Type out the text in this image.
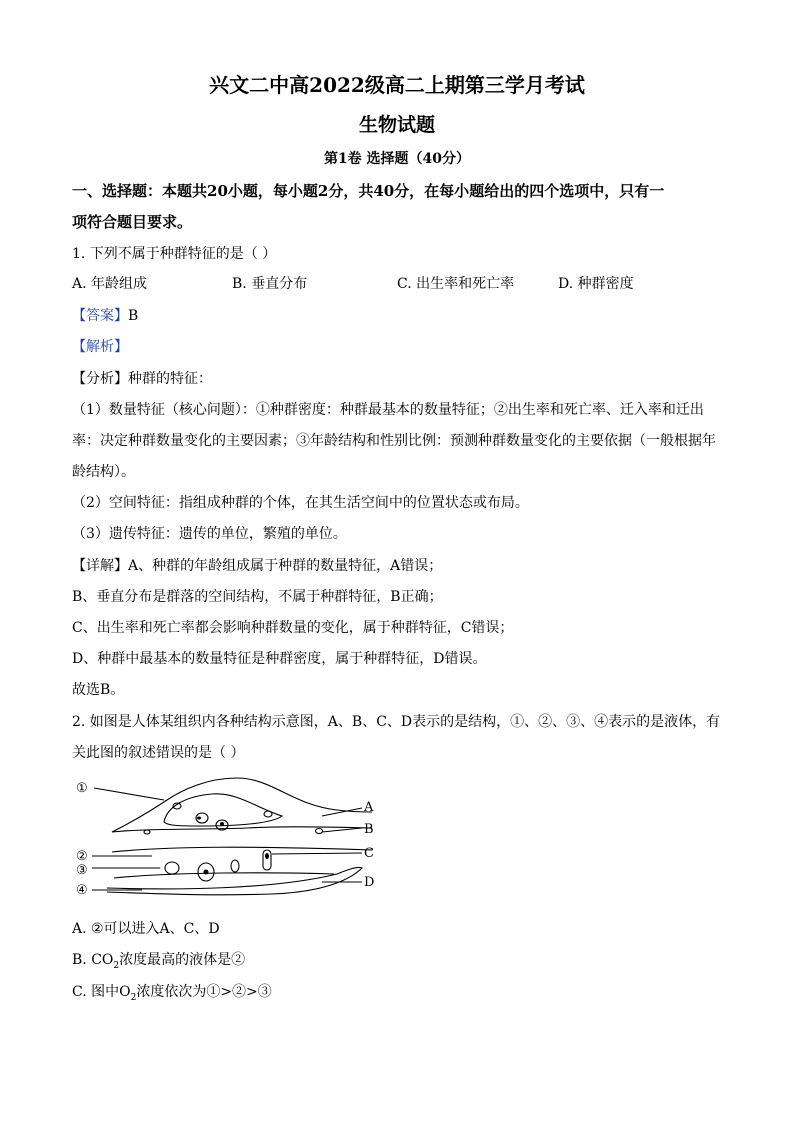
兴文二中高2022级高二上期第三学月考试
生物试题
第1卷 选择题（40分）
一、选择题：本题共20小题，每小题2分，共40分，在每小题给出的四个选项中，只有一
项符合题目要求。
1. 下列不属于种群特征的是（ ）
A. 年龄组成	B. 垂直分布	C. 出生率和死亡率	D. 种群密度
【答案】B
【解析】
【分析】种群的特征：
（1）数量特征（核心问题）：①种群密度：种群最基本的数量特征；②出生率和死亡率、迁入率和迁出
率：决定种群数量变化的主要因素；③年龄结构和性别比例：预测种群数量变化的主要依据（一般根据年
龄结构）。
（2）空间特征：指组成种群的个体，在其生活空间中的位置状态或布局。
（3）遗传特征：遗传的单位，繁殖的单位。
【详解】A、种群的年龄组成属于种群的数量特征，A错误；
B、垂直分布是群落的空间结构，不属于种群特征，B正确；
C、出生率和死亡率都会影响种群数量的变化，属于种群特征，C错误；
D、种群中最基本的数量特征是种群密度，属于种群特征，D错误。
故选B。
2. 如图是人体某组织内各种结构示意图，A、B、C、D表示的是结构，①、②、③、④表示的是液体，有
关此图的叙述错误的是（ ）
①
②
③
④
A
B
C
D
A. ②可以进入A、C、D
B. $CO_2$浓度最高的液体是②
C. 图中$O_2$浓度依次为①>②>③
